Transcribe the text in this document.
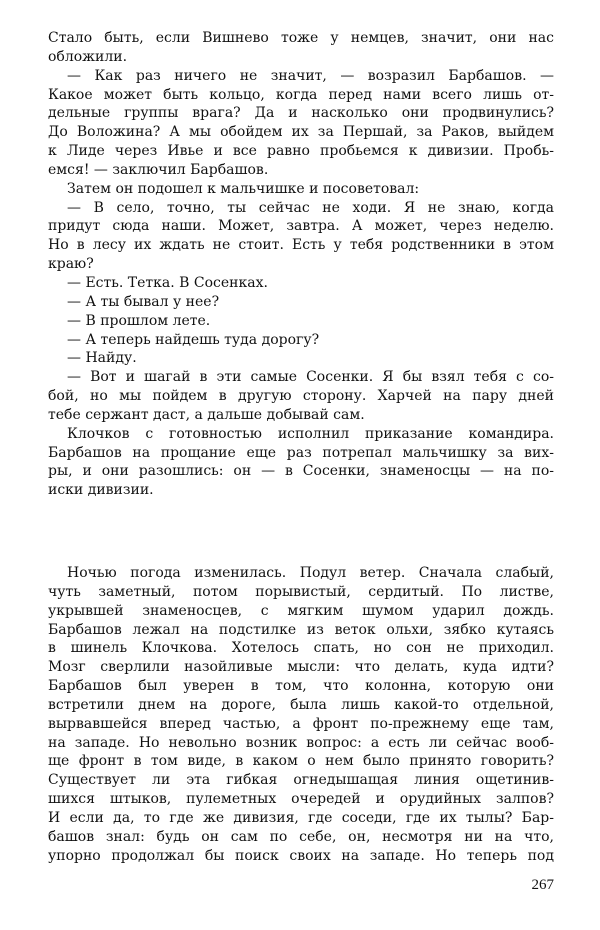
Стало быть, если Вишнево тоже у немцев, значит, они нас
обложили.
— Как раз ничего не значит, — возразил Барбашов. —
Какое может быть кольцо, когда перед нами всего лишь от-
дельные группы врага? Да и насколько они продвинулись?
До Воложина? А мы обойдем их за Першай, за Раков, выйдем
к Лиде через Ивье и все равно пробьемся к дивизии. Пробь-
емся! — заключил Барбашов.
Затем он подошел к мальчишке и посоветовал:
— В село, точно, ты сейчас не ходи. Я не знаю, когда
придут сюда наши. Может, завтра. А может, через неделю.
Но в лесу их ждать не стоит. Есть у тебя родственники в этом
краю?
— Есть. Тетка. В Сосенках.
— А ты бывал у нее?
— В прошлом лете.
— А теперь найдешь туда дорогу?
— Найду.
— Вот и шагай в эти самые Сосенки. Я бы взял тебя с со-
бой, но мы пойдем в другую сторону. Харчей на пару дней
тебе сержант даст, а дальше добывай сам.
Клочков с готовностью исполнил приказание командира.
Барбашов на прощание еще раз потрепал мальчишку за вих-
ры, и они разошлись: он — в Сосенки, знаменосцы — на по-
иски дивизии.
Ночью погода изменилась. Подул ветер. Сначала слабый,
чуть заметный, потом порывистый, сердитый. По листве,
укрывшей знаменосцев, с мягким шумом ударил дождь.
Барбашов лежал на подстилке из веток ольхи, зябко кутаясь
в шинель Клочкова. Хотелось спать, но сон не приходил.
Мозг сверлили назойливые мысли: что делать, куда идти?
Барбашов был уверен в том, что колонна, которую они
встретили днем на дороге, была лишь какой-то отдельной,
вырвавшейся вперед частью, а фронт по-прежнему еще там,
на западе. Но невольно возник вопрос: а есть ли сейчас вооб-
ще фронт в том виде, в каком о нем было принято говорить?
Существует ли эта гибкая огнедышащая линия ощетинив-
шихся штыков, пулеметных очередей и орудийных залпов?
И если да, то где же дивизия, где соседи, где их тылы? Бар-
башов знал: будь он сам по себе, он, несмотря ни на что,
упорно продолжал бы поиск своих на западе. Но теперь под
267
